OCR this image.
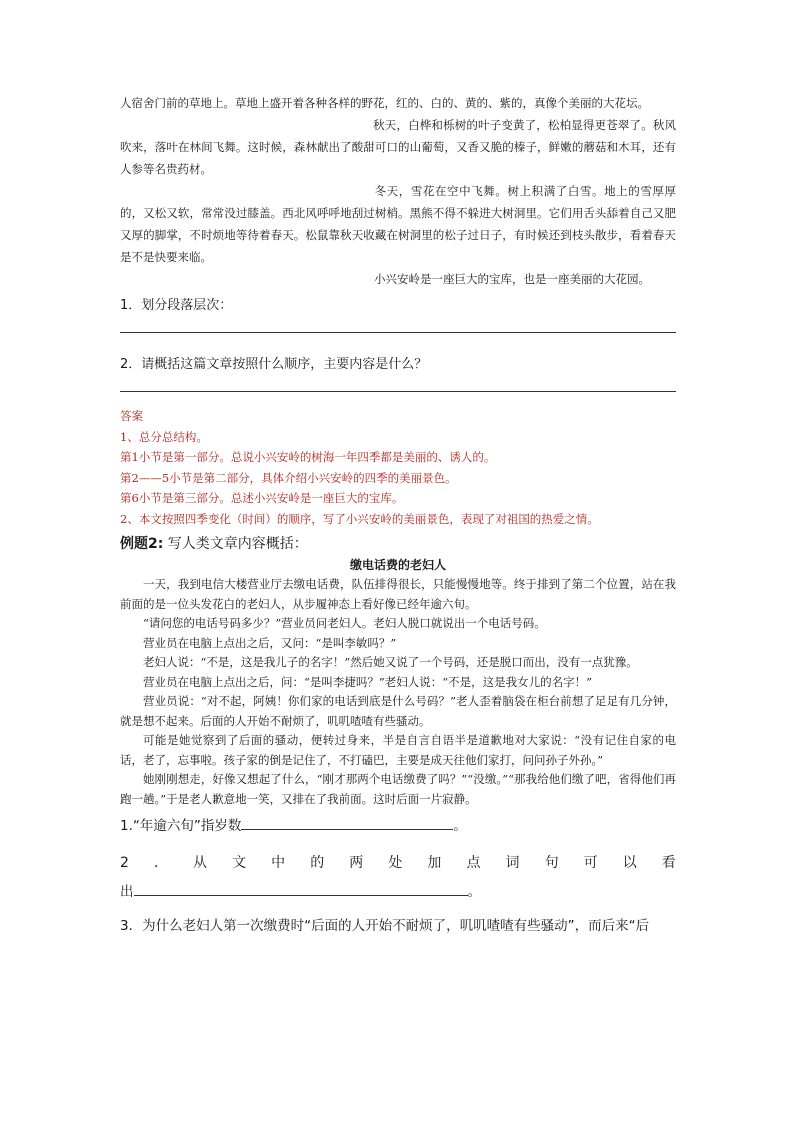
人宿舍门前的草地上。草地上盛开着各种各样的野花，红的、白的、黄的、紫的，真像个美丽的大花坛。

秋天，白桦和栎树的叶子变黄了，松柏显得更苍翠了。秋风吹来，落叶在林间飞舞。这时候，森林献出了酸甜可口的山葡萄，又香又脆的榛子，鲜嫩的蘑菇和木耳，还有人参等名贵药材。

冬天，雪花在空中飞舞。树上积满了白雪。地上的雪厚厚的，又松又软，常常没过膝盖。西北风呼呼地刮过树梢。黑熊不得不躲进大树洞里。它们用舌头舔着自己又肥又厚的脚掌，不时烦地等待着春天。松鼠靠秋天收藏在树洞里的松子过日子，有时候还到枝头散步，看着春天是不是快要来临。

小兴安岭是一座巨大的宝库，也是一座美丽的大花园。

1．划分段落层次：

2．请概括这篇文章按照什么顺序，主要内容是什么？

答案

1、总分总结构。

第1小节是第一部分。总说小兴安岭的树海一年四季都是美丽的、诱人的。

第2——5小节是第二部分，具体介绍小兴安岭的四季的美丽景色。

第6小节是第三部分。总述小兴安岭是一座巨大的宝库。

2、本文按照四季变化（时间）的顺序，写了小兴安岭的美丽景色，表现了对祖国的热爱之情。

例题2: 写人类文章内容概括：

缴电话费的老妇人

一天，我到电信大楼营业厅去缴电话费，队伍排得很长，只能慢慢地等。终于排到了第二个位置，站在我前面的是一位头发花白的老妇人，从步履神态上看好像已经年逾六旬。

“请问您的电话号码多少？”营业员问老妇人。老妇人脱口就说出一个电话号码。

营业员在电脑上点出之后，又问：“是叫李敏吗？”

老妇人说：“不是，这是我儿子的名字！”然后她又说了一个号码，还是脱口而出，没有一点犹豫。

营业员在电脑上点出之后，问：“是叫李捷吗？”老妇人说：“不是，这是我女儿的名字！”

营业员说：“对不起，阿姨！你们家的电话到底是什么号码？”老人歪着脑袋在柜台前想了足足有几分钟，就是想不起来。后面的人开始不耐烦了，叽叽喳喳有些骚动。

可能是她觉察到了后面的骚动，便转过身来，半是自言自语半是道歉地对大家说：“没有记住自家的电话，老了，忘事啦。孩子家的倒是记住了，不打磕巴，主要是成天往他们家打，问问孙子外孙。”

她刚刚想走，好像又想起了什么，“刚才那两个电话缴费了吗？”“没缴。”“那我给他们缴了吧，省得他们再跑一趟。”于是老人歉意地一笑，又排在了我前面。这时后面一片寂静。

1.“年逾六旬”指岁数	。

2 ． 从 文 中 的 两 处 加 点 词 句 可 以 看

出	。

3．为什么老妇人第一次缴费时“后面的人开始不耐烦了，叽叽喳喳有些骚动”，而后来“后
